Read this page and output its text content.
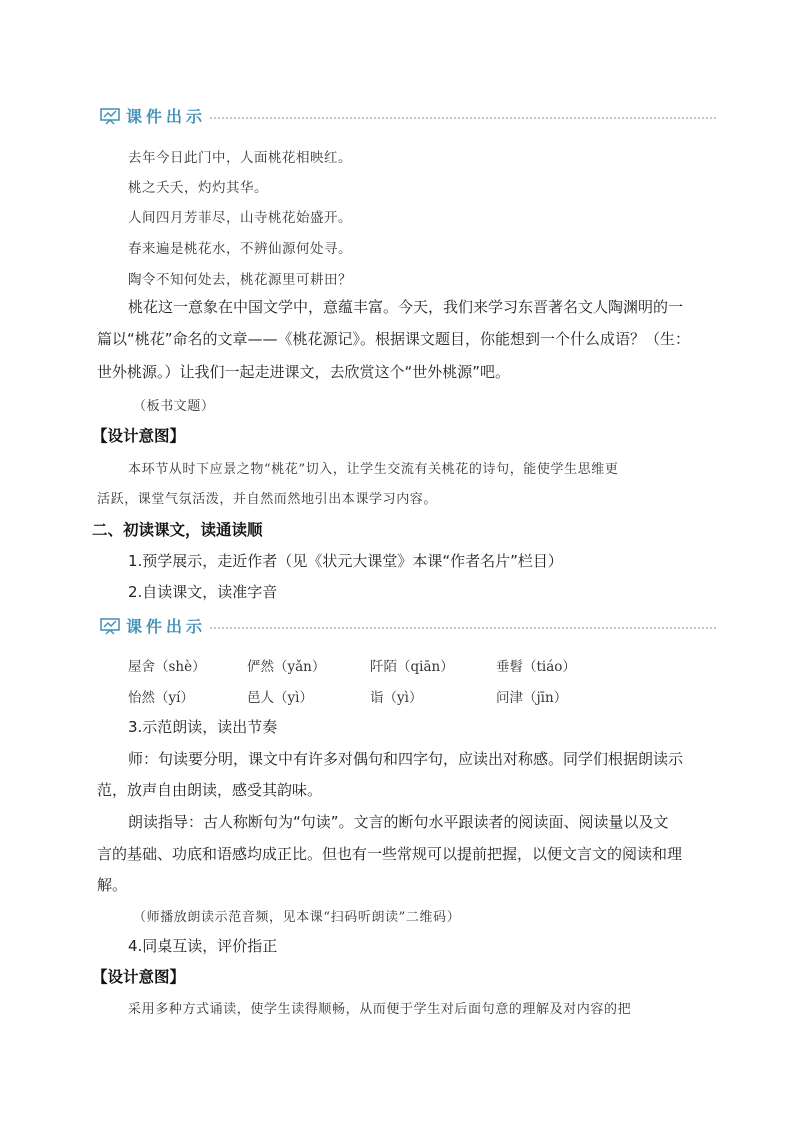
课件出示
去年今日此门中，人面桃花相映红。
桃之夭夭，灼灼其华。
人间四月芳菲尽，山寺桃花始盛开。
春来遍是桃花水，不辨仙源何处寻。
陶令不知何处去，桃花源里可耕田？
桃花这一意象在中国文学中，意蕴丰富。今天，我们来学习东晋著名文人陶渊明的一
篇以“桃花”命名的文章——《桃花源记》。根据课文题目，你能想到一个什么成语？（生：
世外桃源。）让我们一起走进课文，去欣赏这个“世外桃源”吧。
（板书文题）
【设计意图】
本环节从时下应景之物“桃花”切入，让学生交流有关桃花的诗句，能使学生思维更
活跃，课堂气氛活泼，并自然而然地引出本课学习内容。
二、初读课文，读通读顺
1.预学展示，走近作者（见《状元大课堂》本课“作者名片”栏目）
2.自读课文，读准字音
课件出示
屋舍（shè）	俨然（yǎn）	阡陌（qiān）	垂髫（tiáo）
怡然（yí）	邑人（yì）	诣（yì）	问津（jīn）
3.示范朗读，读出节奏
师：句读要分明，课文中有许多对偶句和四字句，应读出对称感。同学们根据朗读示
范，放声自由朗读，感受其韵味。
朗读指导：古人称断句为“句读”。文言的断句水平跟读者的阅读面、阅读量以及文
言的基础、功底和语感均成正比。但也有一些常规可以提前把握，以便文言文的阅读和理
解。
（师播放朗读示范音频，见本课“扫码听朗读”二维码）
4.同桌互读，评价指正
【设计意图】
采用多种方式诵读，使学生读得顺畅，从而便于学生对后面句意的理解及对内容的把
